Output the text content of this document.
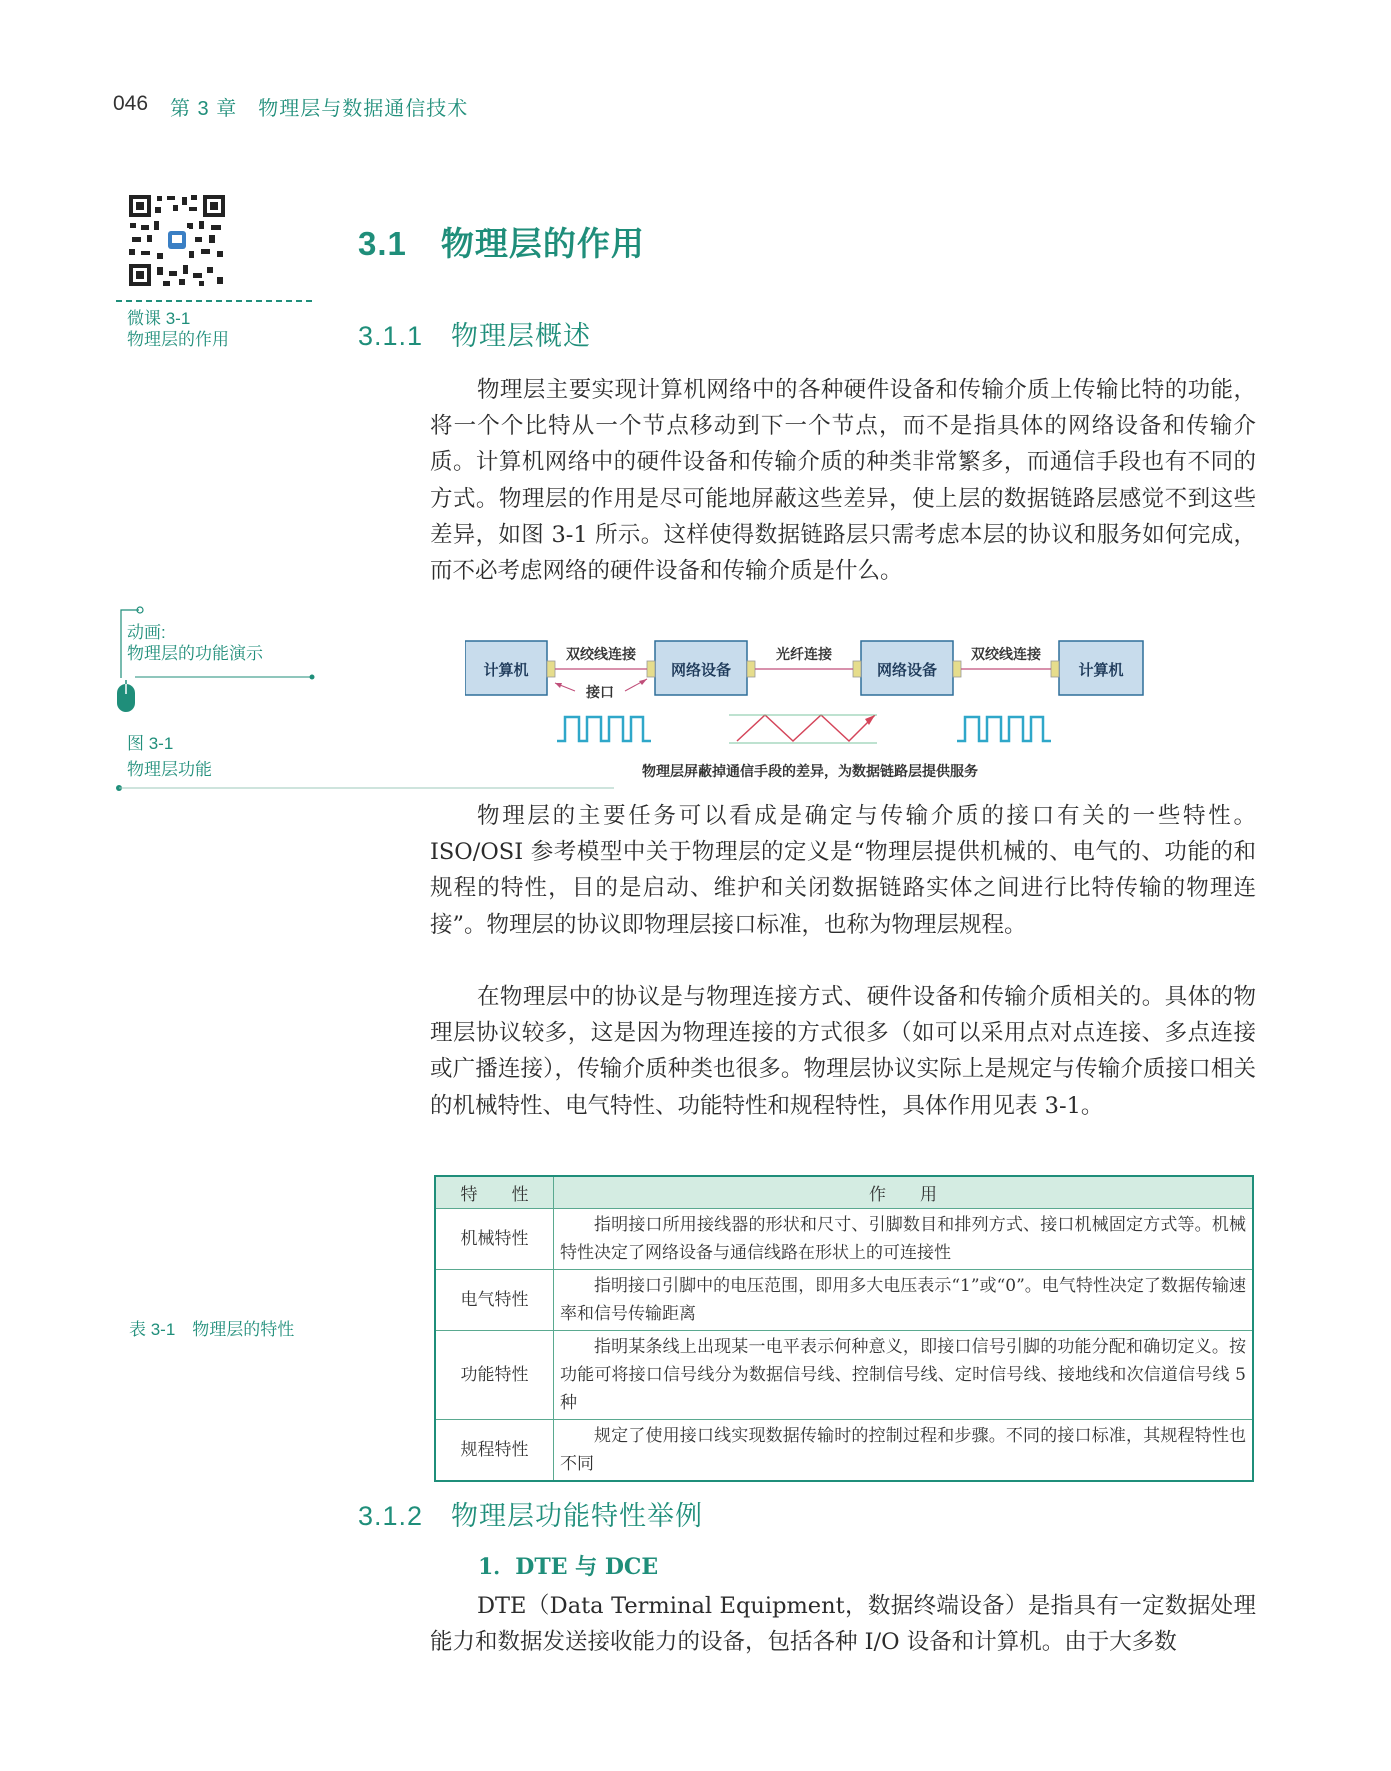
046 第 3 章　物理层与数据通信技术
微课 3-1
物理层的作用
动画:
物理层的功能演示
图 3-1
物理层功能
表 3-1　物理层的特性
3.1　物理层的作用
3.1.1　物理层概述

物理层主要实现计算机网络中的各种硬件设备和传输介质上传输比特的功能，将一个个比特从一个节点移动到下一个节点，而不是指具体的网络设备和传输介质。计算机网络中的硬件设备和传输介质的种类非常繁多，而通信手段也有不同的方式。物理层的作用是尽可能地屏蔽这些差异，使上层的数据链路层感觉不到这些差异，如图 3-1 所示。这样使得数据链路层只需考虑本层的协议和服务如何完成，而不必考虑网络的硬件设备和传输介质是什么。

计算机	网络设备	网络设备	计算机
双绞线连接	光纤连接	双绞线连接
接口
物理层屏蔽掉通信手段的差异，为数据链路层提供服务

物理层的主要任务可以看成是确定与传输介质的接口有关的一些特性。ISO/OSI 参考模型中关于物理层的定义是“物理层提供机械的、电气的、功能的和规程的特性，目的是启动、维护和关闭数据链路实体之间进行比特传输的物理连接”。物理层的协议即物理层接口标准，也称为物理层规程。

在物理层中的协议是与物理连接方式、硬件设备和传输介质相关的。具体的物理层协议较多，这是因为物理连接的方式很多（如可以采用点对点连接、多点连接或广播连接），传输介质种类也很多。物理层协议实际上是规定与传输介质接口相关的机械特性、电气特性、功能特性和规程特性，具体作用见表 3-1。

特　　性	作　　用
机械特性	指明接口所用接线器的形状和尺寸、引脚数目和排列方式、接口机械固定方式等。机械特性决定了网络设备与通信线路在形状上的可连接性

电气特性	指明接口引脚中的电压范围，即用多大电压表示“1”或“0”。电气特性决定了数据传输速率和信号传输距离

功能特性	指明某条线上出现某一电平表示何种意义，即接口信号引脚的功能分配和确切定义。按功能可将接口信号线分为数据信号线、控制信号线、定时信号线、接地线和次信道信号线 5 种

规程特性	规定了使用接口线实现数据传输时的控制过程和步骤。不同的接口标准，其规程特性也不同
3.1.2　物理层功能特性举例
1．DTE 与 DCE

DTE（Data Terminal Equipment，数据终端设备）是指具有一定数据处理能力和数据发送接收能力的设备，包括各种 I/O 设备和计算机。由于大多数
